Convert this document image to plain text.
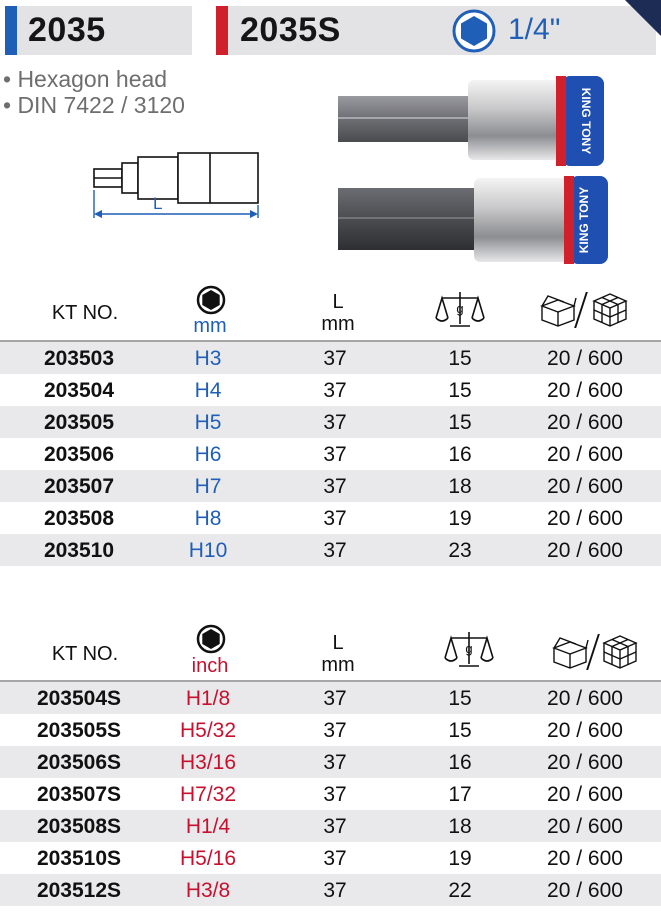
2035	2035S	1/4"
• Hexagon head
• DIN 7422 / 3120
L
KING TONY
KING TONY
KT NO.
mm
L
mm
g
203503	H3	37	15	20 / 600
203504	H4	37	15	20 / 600
203505	H5	37	15	20 / 600
203506	H6	37	16	20 / 600
203507	H7	37	18	20 / 600
203508	H8	37	19	20 / 600
203510	H10	37	23	20 / 600
KT NO.
inch
L
mm
g
203504S	H1/8	37	15	20 / 600
203505S	H5/32	37	15	20 / 600
203506S	H3/16	37	16	20 / 600
203507S	H7/32	37	17	20 / 600
203508S	H1/4	37	18	20 / 600
203510S	H5/16	37	19	20 / 600
203512S	H3/8	37	22	20 / 600
